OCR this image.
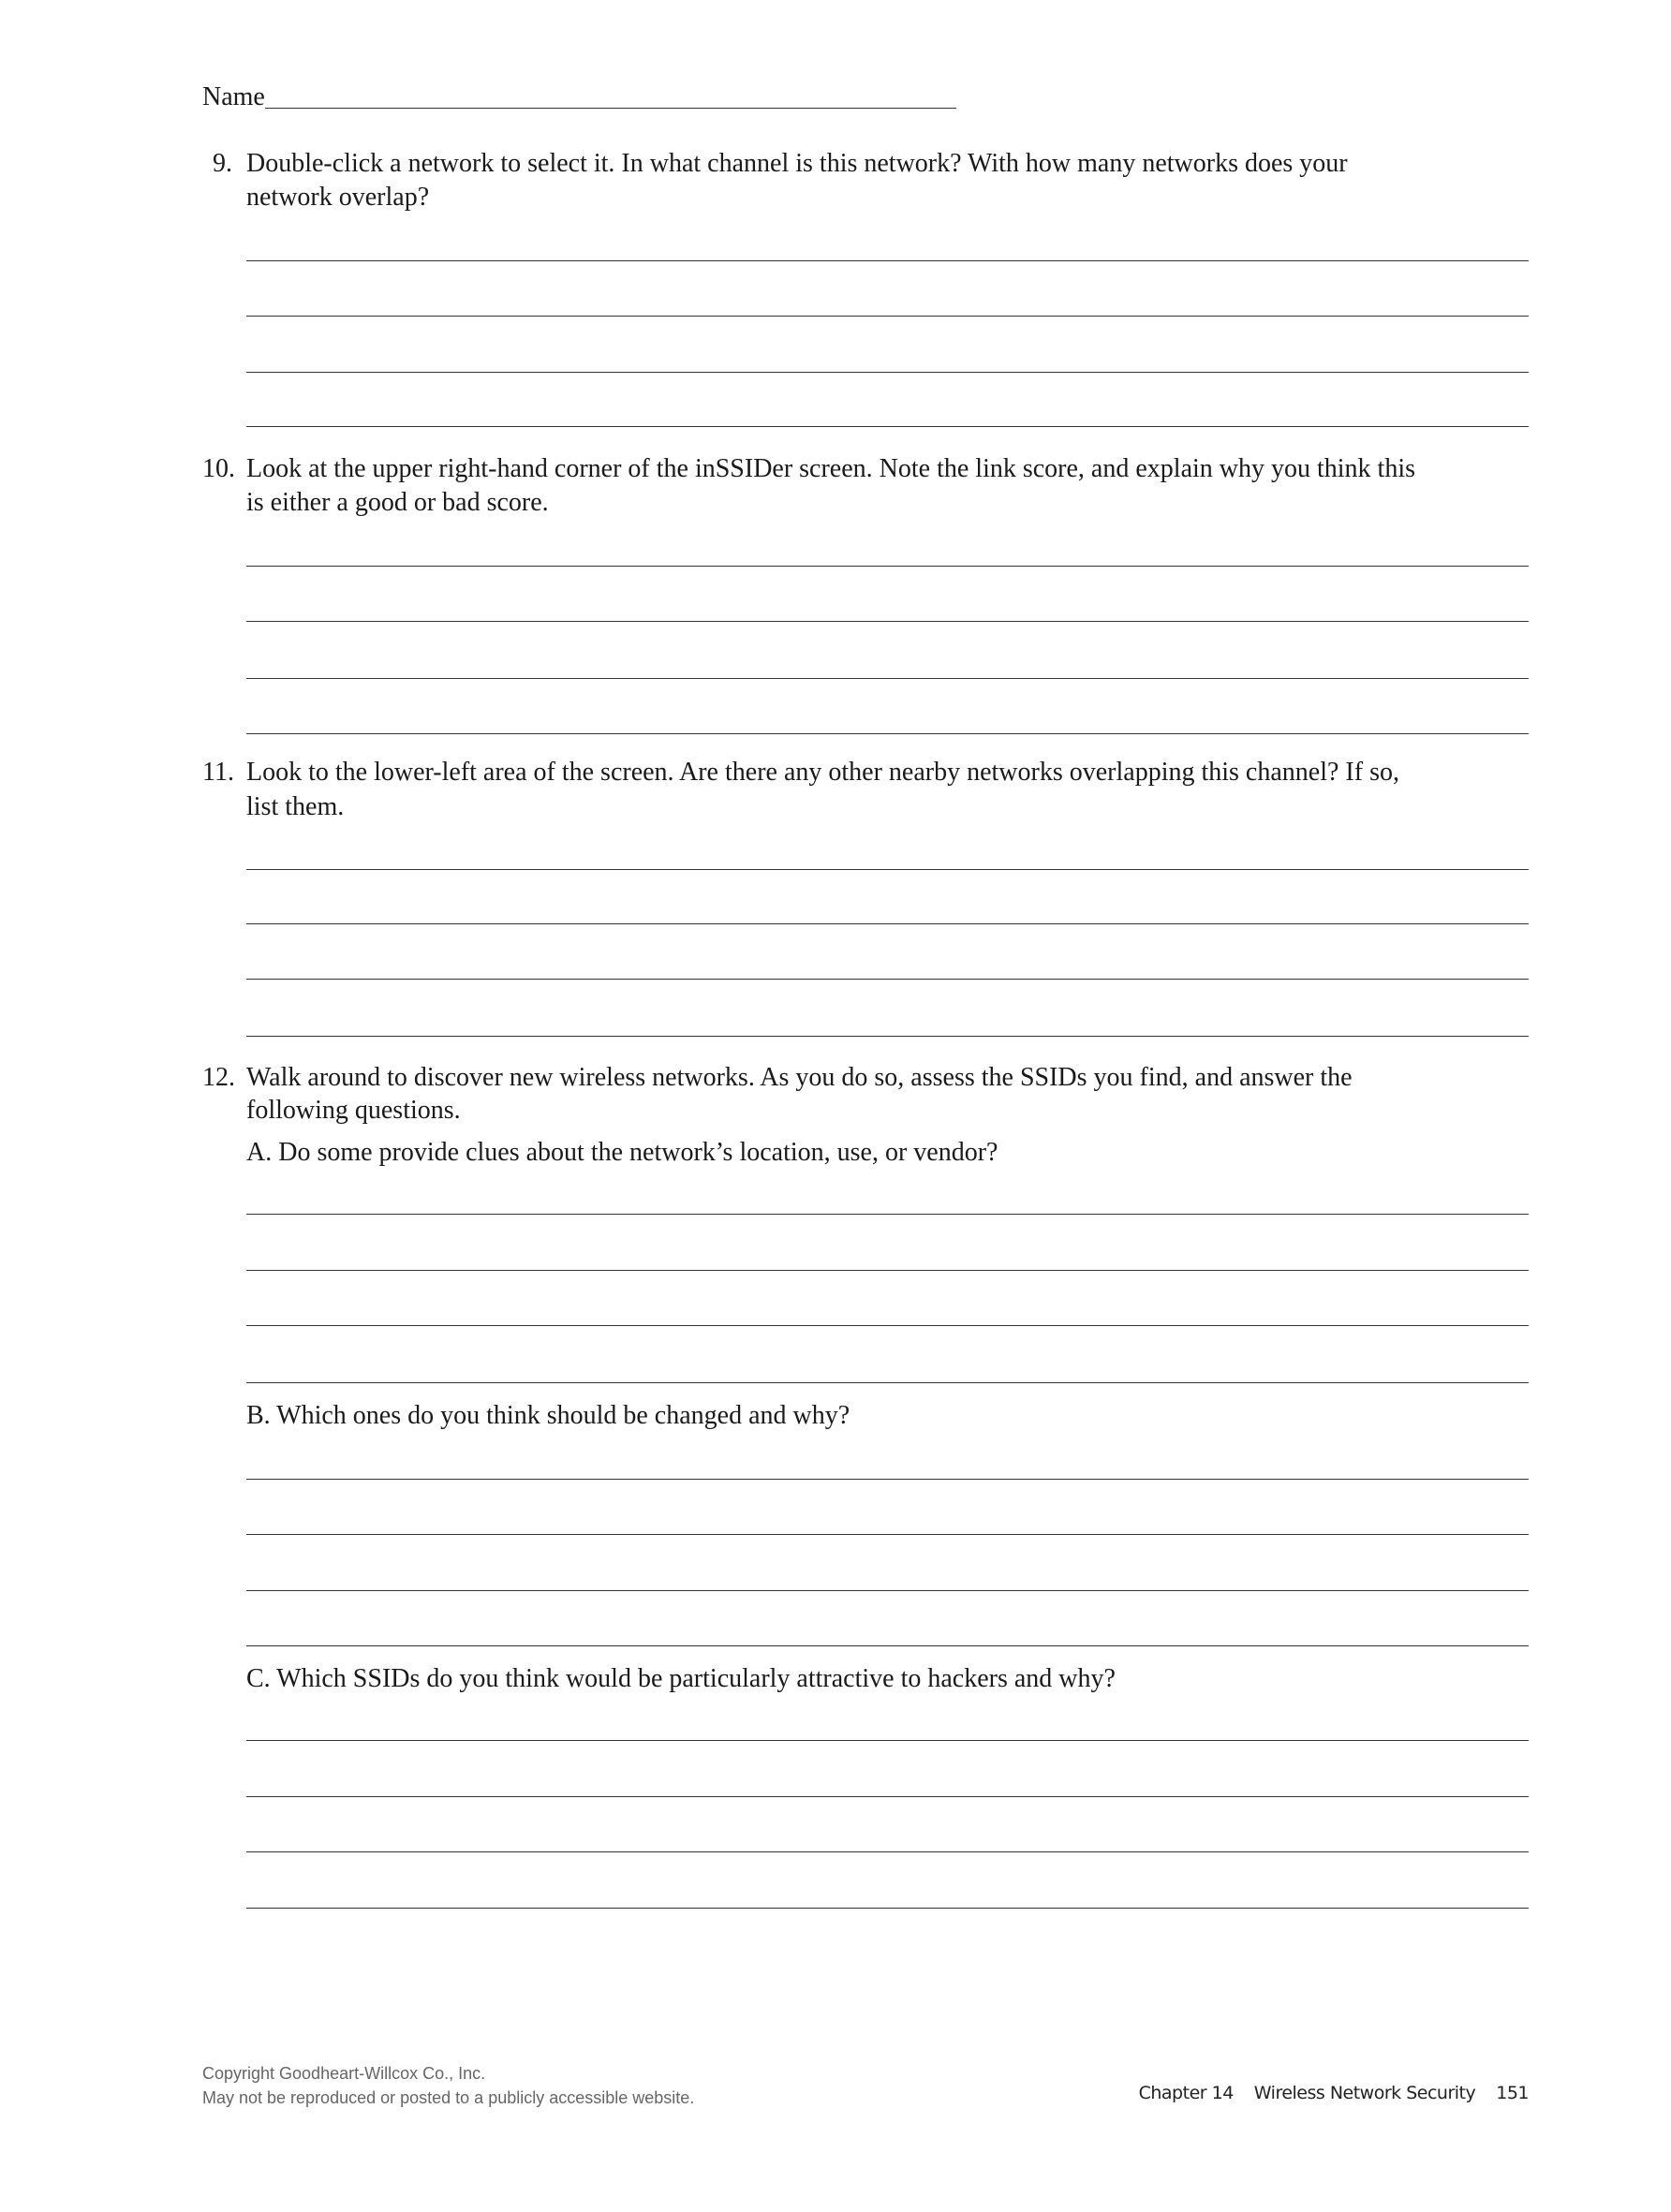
Name
9. Double-click a network to select it. In what channel is this network? With how many networks does your
network overlap?
10. Look at the upper right-hand corner of the inSSIDer screen. Note the link score, and explain why you think this
is either a good or bad score.
11. Look to the lower-left area of the screen. Are there any other nearby networks overlapping this channel? If so,
list them.
12. Walk around to discover new wireless networks. As you do so, assess the SSIDs you find, and answer the
following questions.
A. Do some provide clues about the network’s location, use, or vendor?
B. Which ones do you think should be changed and why?
C. Which SSIDs do you think would be particularly attractive to hackers and why?
Copyright Goodheart-Willcox Co., Inc.
May not be reproduced or posted to a publicly accessible website.	Chapter 14 Wireless Network Security 151
